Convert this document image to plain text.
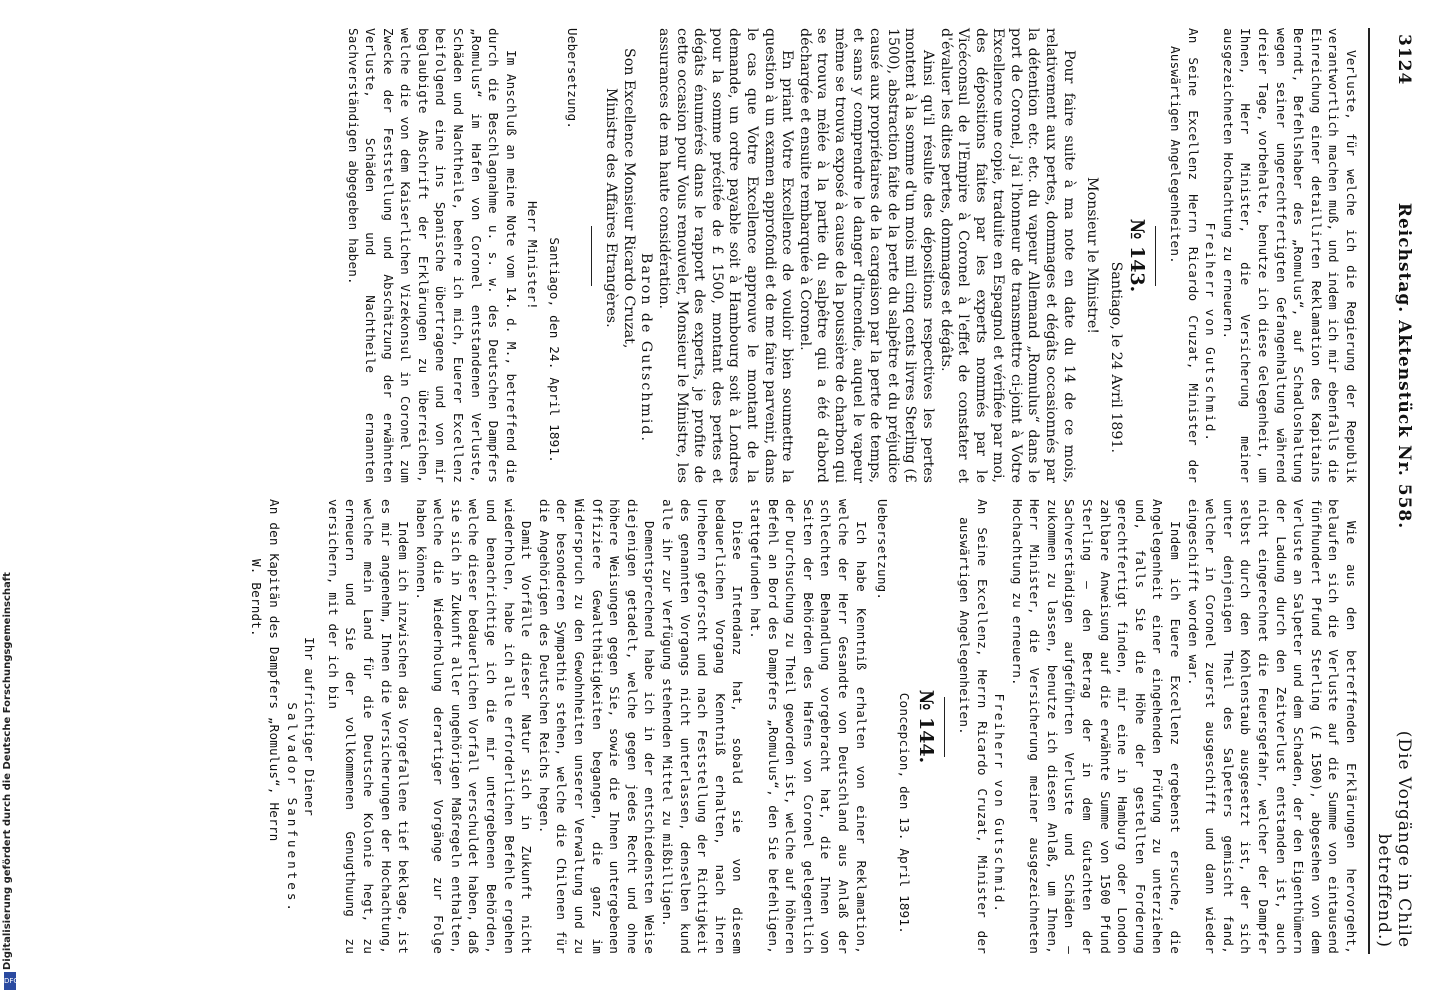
3124
Reichstag. Aktenstück Nr. 558.
(Die Vorgänge in Chile betreffend.)

Verluste, für welche ich die Regierung der Republik verantwortlich machen muß, und indem ich mir ebenfalls die Einreichung einer detaillirten Reklamation des Kapitains Berndt, Befehlshaber des „Romulus“, auf Schadloshaltung wegen seiner ungerechtfertigten Gefangenhaltung während dreier Tage, vorbehalte, benutze ich diese Gelegenheit, um Ihnen, Herr Minister, die Versicherung meiner ausgezeichneten Hochachtung zu erneuern.

Freiherr von Gutschmid.

An Seine Excellenz Herrn Ricardo Cruzat, Minister der Auswärtigen Angelegenheiten.

№ 143.
Santiago, le 24 Avril 1891.
Monsieur le Ministre!

Pour faire suite à ma note en date du 14 de ce mois, relativement aux pertes, dommages et dégâts occasionnés par la détention etc. etc. du vapeur Allemand „Romulus“ dans le port de Coronel, j'ai l'honneur de transmettre ci-joint à Votre Excellence une copie, traduite en Espagnol et vérifiée par moi, des dépositions faites par les experts nommés par le Vicéconsul de l'Empire à Coronel à l'effet de constater et d'évaluer les dites pertes, dommages et dégâts.

Ainsi qu'il résulte des dépositions respectives les pertes montent à la somme d'un mois mil cinq cents livres Sterling (£ 1500), abstraction faite de la perte du salpêtre et du préjudice causé aux propriétaires de la cargaison par la perte de temps, et sans y comprendre le danger d'incendie, auquel le vapeur même se trouva exposé à cause de la poussière de charbon qui se trouva mêlée à la partie du salpêtre qui a été d'abord déchargée et ensuite rembarquée à Coronel.

En priant Votre Excellence de vouloir bien soumettre la question à un examen approfondi et de me faire parvenir, dans le cas que Votre Excellence approuve le montant de la demande, un ordre payable soit à Hambourg soit à Londres pour la somme précitée de £ 1500, montant des pertes et dégâts énumérés dans le rapport des experts, je profite de cette occasion pour Vous renouveler, Monsieur le Ministre, les assurances de ma haute considération.

Baron de Gutschmid.
Son Excellence Monsieur Ricardo Cruzat,
Ministre des Affaires Etrangères.
Uebersetzung.
Santiago, den 24. April 1891.
Herr Minister!

Im Anschluß an meine Note vom 14. d. M., betreffend die durch die Beschlagnahme u. s. w. des Deutschen Dampfers „Romulus“ im Hafen von Coronel entstandenen Verluste, Schäden und Nachtheile, beehre ich mich, Euerer Excellenz beifolgend eine ins Spanische übertragene und von mir beglaubigte Abschrift der Erklärungen zu überreichen, welche die von dem Kaiserlichen Vizekonsul in Coronel zum Zwecke der Feststellung und Abschätzung der erwähnten Verluste, Schäden und Nachtheile ernannten Sachverständigen abgegeben haben.

Wie aus den betreffenden Erklärungen hervorgeht, belaufen sich die Verluste auf die Summe von eintausend fünfhundert Pfund Sterling (£ 1500), abgesehen von dem Verluste an Salpeter und dem Schaden, der den Eigenthümern der Ladung durch den Zeitverlust entstanden ist, auch nicht eingerechnet die Feuersgefahr, welcher der Dampfer selbst durch den Kohlenstaub ausgesetzt ist, der sich unter denjenigen Theil des Salpeters gemischt fand, welcher in Coronel zuerst ausgeschifft und dann wieder eingeschifft worden war.

Indem ich Euere Excellenz ergebenst ersuche, die Angelegenheit einer eingehenden Prüfung zu unterziehen und, falls Sie die Höhe der gestellten Forderung gerechtfertigt finden, mir eine in Hamburg oder London zahlbare Anweisung auf die erwähnte Summe von 1500 Pfund Sterling — den Betrag der in dem Gutachten der Sachverständigen aufgeführten Verluste und Schäden — zukommen zu lassen, benutze ich diesen Anlaß, um Ihnen, Herr Minister, die Versicherung meiner ausgezeichneten Hochachtung zu erneuern.

Freiherr von Gutschmid.

An Seine Excellenz, Herrn Ricardo Cruzat, Minister der auswärtigen Angelegenheiten.

№ 144.
Concepcion, den 13. April 1891.
Uebersetzung.

Ich habe Kenntniß erhalten von einer Reklamation, welche der Herr Gesandte von Deutschland aus Anlaß der schlechten Behandlung vorgebracht hat, die Ihnen von Seiten der Behörden des Hafens von Coronel gelegentlich der Durchsuchung zu Theil geworden ist, welche auf höheren Befehl an Bord des Dampfers „Romulus“, den Sie befehligen, stattgefunden hat.

Diese Intendanz hat, sobald sie von diesem bedauerlichen Vorgang Kenntniß erhalten, nach ihren Urhebern geforscht und nach Feststellung der Richtigkeit des genannten Vorgangs nicht unterlassen, denselben kund alle ihr zur Verfügung stehenden Mittel zu mißbilligen.

Dementsprechend habe ich in der entschiedensten Weise diejenigen getadelt, welche gegen jedes Recht und ohne höhere Weisungen gegen Sie, sowie die Ihnen untergebenen Offiziere Gewaltthätigkeiten begangen, die ganz im Widerspruch zu den Gewohnheiten unserer Verwaltung und zu der besonderen Sympathie stehen, welche die Chilenen für die Angehörigen des Deutschen Reichs hegen.

Damit Vorfälle dieser Natur sich in Zukunft nicht wiederholen, habe ich alle erforderlichen Befehle ergehen und benachrichtige ich die mir untergebenen Behörden, welche dieser bedauerlichen Vorfall verschuldet haben, daß sie sich in Zukunft aller ungehörigen Maßregeln enthalten, welche die Wiederholung derartiger Vorgänge zur Folge haben können.

Indem ich inzwischen das Vorgefallene tief beklage, ist es mir angenehm, Ihnen die Versicherungen der Hochachtung, welche mein Land für die Deutsche Kolonie hegt, zu erneuern und Sie der vollkommenen Genugthuung zu versichern, mit der ich bin

Ihr aufrichtiger Diener
Salvador Sanfuentes.
An den Kapitän des Dampfers „Romulus“, Herrn
W. Berndt.
Digitalisierung gefördert durch die Deutsche Forschungsgemeinschaft
DFG
